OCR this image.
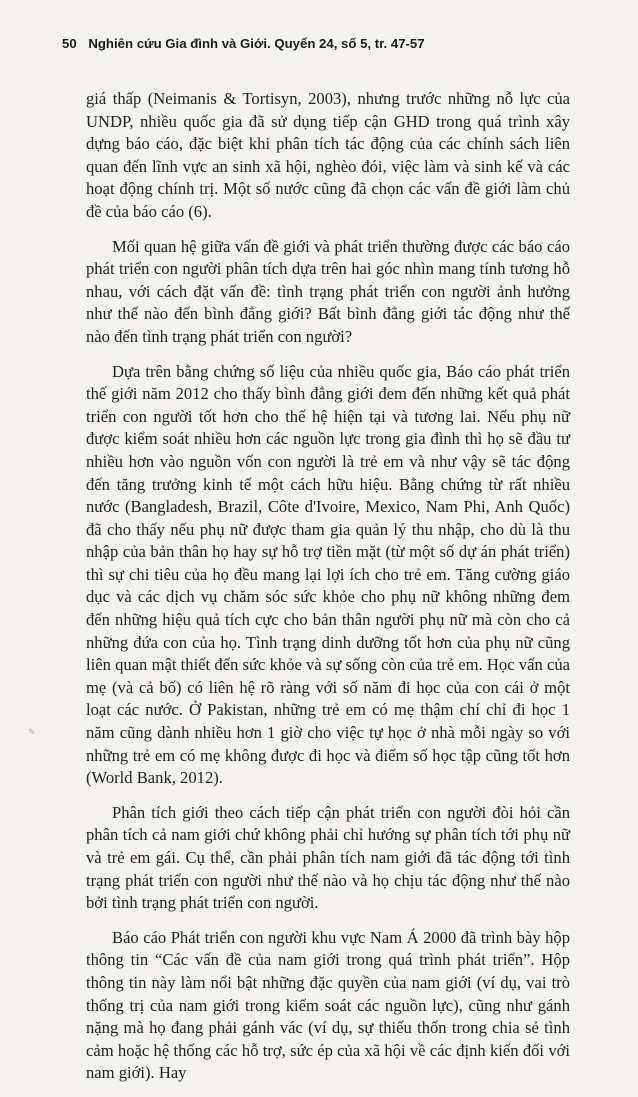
50 Nghiên cứu Gia đình và Giới. Quyển 24, số 5, tr. 47-57

giá thấp (Neimanis & Tortisyn, 2003), nhưng trước những nỗ lực của UNDP, nhiều quốc gia đã sử dụng tiếp cận GHD trong quá trình xây dựng báo cáo, đặc biệt khi phân tích tác động của các chính sách liên quan đến lĩnh vực an sinh xã hội, nghèo đói, việc làm và sinh kế và các hoạt động chính trị. Một số nước cũng đã chọn các vấn đề giới làm chủ đề của báo cáo (6).

Mối quan hệ giữa vấn đề giới và phát triển thường được các báo cáo phát triển con người phân tích dựa trên hai góc nhìn mang tính tương hỗ nhau, với cách đặt vấn đề: tình trạng phát triển con người ảnh hưởng như thế nào đến bình đẳng giới? Bất bình đẳng giới tác động như thế nào đến tình trạng phát triển con người?

Dựa trên bằng chứng số liệu của nhiều quốc gia, Báo cáo phát triển thế giới năm 2012 cho thấy bình đẳng giới đem đến những kết quả phát triển con người tốt hơn cho thế hệ hiện tại và tương lai. Nếu phụ nữ được kiểm soát nhiều hơn các nguồn lực trong gia đình thì họ sẽ đầu tư nhiều hơn vào nguồn vốn con người là trẻ em và như vậy sẽ tác động đến tăng trưởng kinh tế một cách hữu hiệu. Bằng chứng từ rất nhiều nước (Bangladesh, Brazil, Côte d'Ivoire, Mexico, Nam Phi, Anh Quốc) đã cho thấy nếu phụ nữ được tham gia quản lý thu nhập, cho dù là thu nhập của bản thân họ hay sự hỗ trợ tiền mặt (từ một số dự án phát triển) thì sự chi tiêu của họ đều mang lại lợi ích cho trẻ em. Tăng cường giáo dục và các dịch vụ chăm sóc sức khỏe cho phụ nữ không những đem đến những hiệu quả tích cực cho bản thân người phụ nữ mà còn cho cả những đứa con của họ. Tình trạng dinh dưỡng tốt hơn của phụ nữ cũng liên quan mật thiết đến sức khỏe và sự sống còn của trẻ em. Học vấn của mẹ (và cả bố) có liên hệ rõ ràng với số năm đi học của con cái ở một loạt các nước. Ở Pakistan, những trẻ em có mẹ thậm chí chỉ đi học 1 năm cũng dành nhiều hơn 1 giờ cho việc tự học ở nhà mỗi ngày so với những trẻ em có mẹ không được đi học và điểm số học tập cũng tốt hơn (World Bank, 2012).

Phân tích giới theo cách tiếp cận phát triển con người đòi hỏi cần phân tích cả nam giới chứ không phải chỉ hướng sự phân tích tới phụ nữ và trẻ em gái. Cụ thể, cần phải phân tích nam giới đã tác động tới tình trạng phát triển con người như thế nào và họ chịu tác động như thế nào bởi tình trạng phát triển con người.

Báo cáo Phát triển con người khu vực Nam Á 2000 đã trình bày hộp thông tin “Các vấn đề của nam giới trong quá trình phát triển”. Hộp thông tin này làm nổi bật những đặc quyền của nam giới (ví dụ, vai trò thống trị của nam giới trong kiểm soát các nguồn lực), cũng như gánh nặng mà họ đang phải gánh vác (ví dụ, sự thiếu thốn trong chia sẻ tình cảm hoặc hệ thống các hỗ trợ, sức ép của xã hội về các định kiến đối với nam giới). Hay

✎
